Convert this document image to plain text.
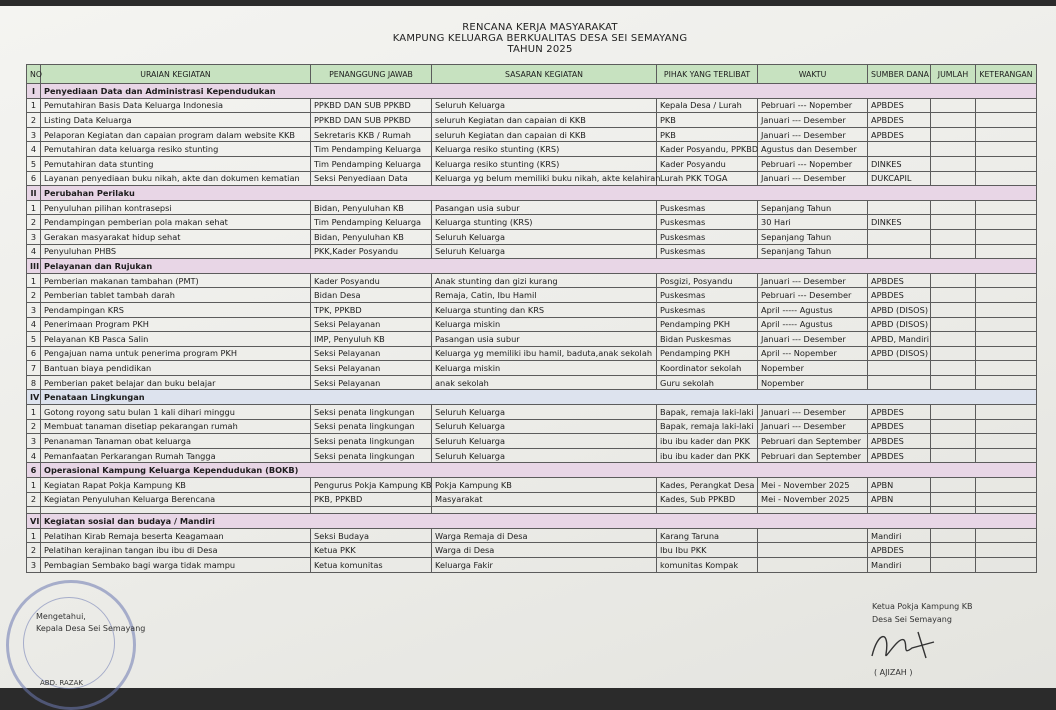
RENCANA KERJA MASYARAKAT
KAMPUNG KELUARGA BERKUALITAS DESA SEI SEMAYANG
TAHUN 2025
NO	URAIAN KEGIATAN	PENANGGUNG JAWAB	SASARAN KEGIATAN	PIHAK YANG TERLIBAT	WAKTU	SUMBER DANA	JUMLAH	KETERANGAN
I	Penyediaan Data dan Administrasi Kependudukan							
1	Pemutahiran Basis Data Keluarga Indonesia	PPKBD DAN SUB PPKBD	Seluruh Keluarga	Kepala Desa / Lurah	Pebruari --- Nopember	APBDES		
2	Listing Data Keluarga	PPKBD DAN SUB PPKBD	seluruh Kegiatan dan capaian di KKB	PKB	Januari --- Desember	APBDES		
3	Pelaporan Kegiatan dan capaian program dalam website KKB	Sekretaris KKB / Rumah	seluruh Kegiatan dan capaian di KKB	PKB	Januari --- Desember	APBDES		
4	Pemutahiran data keluarga resiko stunting	Tim Pendamping Keluarga	Keluarga resiko stunting (KRS)	Kader Posyandu, PPKBD	Agustus dan Desember			
5	Pemutahiran data stunting	Tim Pendamping Keluarga	Keluarga resiko stunting (KRS)	Kader Posyandu	Pebruari --- Nopember	DINKES		
6	Layanan penyediaan buku nikah, akte dan dokumen kematian	Seksi Penyediaan Data	Keluarga yg belum memiliki buku nikah, akte kelahiran	Lurah PKK TOGA	Januari --- Desember	DUKCAPIL		
II	Perubahan Perilaku							
1	Penyuluhan pilihan kontrasepsi	Bidan, Penyuluhan KB	Pasangan usia subur	Puskesmas	Sepanjang Tahun			
2	Pendampingan pemberian pola makan sehat	Tim Pendamping Keluarga	Keluarga stunting (KRS)	Puskesmas	30 Hari	DINKES		
3	Gerakan masyarakat hidup sehat	Bidan, Penyuluhan KB	Seluruh Keluarga	Puskesmas	Sepanjang Tahun			
4	Penyuluhan PHBS	PKK,Kader Posyandu	Seluruh Keluarga	Puskesmas	Sepanjang Tahun			
III	Pelayanan dan Rujukan							
1	Pemberian makanan tambahan (PMT)	Kader Posyandu	Anak stunting dan gizi kurang	Posgizi, Posyandu	Januari --- Desember	APBDES		
2	Pemberian tablet tambah darah	Bidan Desa	Remaja, Catin, Ibu Hamil	Puskesmas	Pebruari --- Desember	APBDES		
3	Pendampingan KRS	TPK, PPKBD	Keluarga stunting dan KRS	Puskesmas	April ----- Agustus	APBD (DISOS)		
4	Penerimaan Program PKH	Seksi Pelayanan	Keluarga miskin	Pendamping PKH	April ----- Agustus	APBD (DISOS)		
5	Pelayanan KB Pasca Salin	IMP, Penyuluh KB	Pasangan usia subur	Bidan Puskesmas	Januari --- Desember	APBD, Mandiri		
6	Pengajuan nama untuk penerima program PKH	Seksi Pelayanan	Keluarga yg memiliki ibu hamil, baduta,anak sekolah	Pendamping PKH	April --- Nopember	APBD (DISOS)		
7	Bantuan biaya pendidikan	Seksi Pelayanan	Keluarga miskin	Koordinator sekolah	Nopember			
8	Pemberian paket belajar dan buku belajar	Seksi Pelayanan	anak sekolah	Guru sekolah	Nopember			
IV	Penataan Lingkungan							
1	Gotong royong satu bulan 1 kali dihari minggu	Seksi penata lingkungan	Seluruh Keluarga	Bapak, remaja laki-laki	Januari --- Desember	APBDES		
2	Membuat tanaman disetiap pekarangan rumah	Seksi penata lingkungan	Seluruh Keluarga	Bapak, remaja laki-laki	Januari --- Desember	APBDES		
3	Penanaman Tanaman obat keluarga	Seksi penata lingkungan	Seluruh Keluarga	ibu ibu kader dan PKK	Pebruari dan September	APBDES		
4	Pemanfaatan Perkarangan Rumah Tangga	Seksi penata lingkungan	Seluruh Keluarga	ibu ibu kader dan PKK	Pebruari dan September	APBDES		
6	Operasional Kampung Keluarga Kependudukan (BOKB)							
1	Kegiatan Rapat Pokja Kampung KB	Pengurus Pokja Kampung KB	Pokja Kampung KB	Kades, Perangkat Desa	Mei - November 2025	APBN		
2	Kegiatan Penyuluhan Keluarga Berencana	PKB, PPKBD	Masyarakat	Kades, Sub PPKBD	Mei - November 2025	APBN		

VI	Kegiatan sosial dan budaya / Mandiri							
1	Pelatihan Kirab Remaja beserta Keagamaan	Seksi Budaya	Warga Remaja di Desa	Karang Taruna		Mandiri		
2	Pelatihan kerajinan tangan ibu ibu di Desa	Ketua PKK	Warga di Desa	Ibu Ibu PKK		APBDES		
3	Pembagian Sembako bagi warga tidak mampu	Ketua komunitas	Keluarga Fakir	komunitas Kompak		Mandiri		
Mengetahui,
Kepala Desa Sei Semayang
ABD. RAZAK
Ketua Pokja Kampung KB
Desa Sei Semayang
( AJIZAH )
